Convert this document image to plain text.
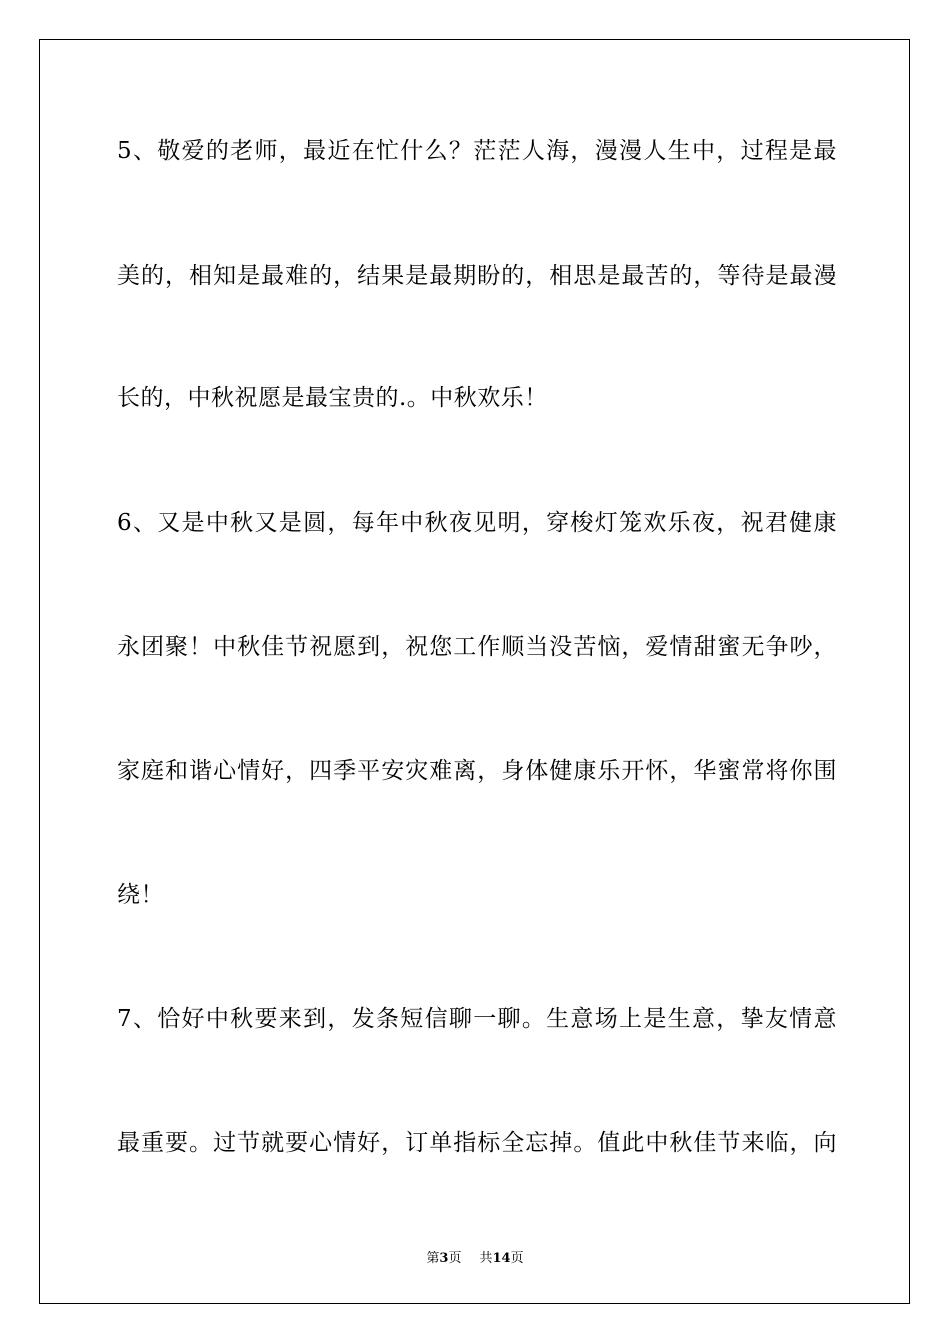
5、敬爱的老师，最近在忙什么？茫茫人海，漫漫人生中，过程是最
美的，相知是最难的，结果是最期盼的，相思是最苦的，等待是最漫
长的，中秋祝愿是最宝贵的.。中秋欢乐！
6、又是中秋又是圆，每年中秋夜见明，穿梭灯笼欢乐夜，祝君健康
永团聚！中秋佳节祝愿到，祝您工作顺当没苦恼，爱情甜蜜无争吵，
家庭和谐心情好，四季平安灾难离，身体健康乐开怀，华蜜常将你围
绕！
7、恰好中秋要来到，发条短信聊一聊。生意场上是生意，挚友情意
最重要。过节就要心情好，订单指标全忘掉。值此中秋佳节来临，向
第3页 共14页
